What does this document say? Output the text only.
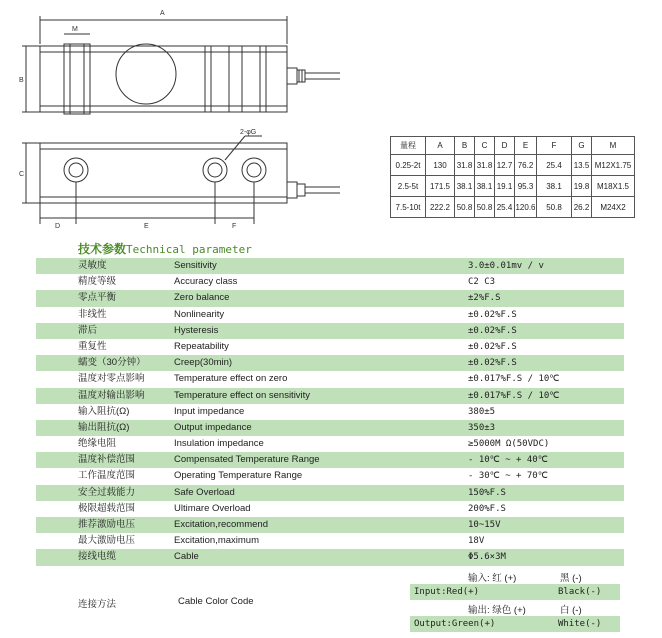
A
M
B
C
D	E	F
2-φG
量程	A	B	C	D	E	F	G	M
0.25-2t	130	31.8	31.8	12.7	76.2	25.4	13.5	M12X1.75
2.5-5t	171.5	38.1	38.1	19.1	95.3	38.1	19.8	M18X1.5
7.5-10t	222.2	50.8	50.8	25.4	120.6	50.8	26.2	M24X2
技术参数Technical parameter
灵敏度	Sensitivity	3.0±0.01mv / v
精度等级	Accuracy class	C2 C3
零点平衡	Zero balance	±2%F.S
非线性	Nonlinearity	±0.02%F.S
滞后	Hysteresis	±0.02%F.S
重复性	Repeatability	±0.02%F.S
蠕变（30分钟）	Creep(30min)	±0.02%F.S
温度对零点影响	Temperature effect on zero	±0.017%F.S / 10℃
温度对输出影响	Temperature effect on sensitivity	±0.017%F.S / 10℃
输入阻抗(Ω)	Input impedance	380±5
输出阻抗(Ω)	Output impedance	350±3
绝缘电阻	Insulation impedance	≥5000M Ω(50VDC)
温度补偿范围	Compensated Temperature Range	- 10℃ ~ + 40℃
工作温度范围	Operating Temperature Range	- 30℃ ~ + 70℃
安全过载能力	Safe Overload	150%F.S
极限超载范围	Ultimare Overload	200%F.S
推荐激励电压	Excitation,recommend	10~15V
最大激励电压	Excitation,maximum	18V
接线电缆	Cable	Φ5.6×3M
连接方法	Cable Color Code
输入: 红 (+)	黑 (-)
Input:Red(+)	Black(-)
输出: 绿色 (+)	白 (-)
Output:Green(+)	White(-)
